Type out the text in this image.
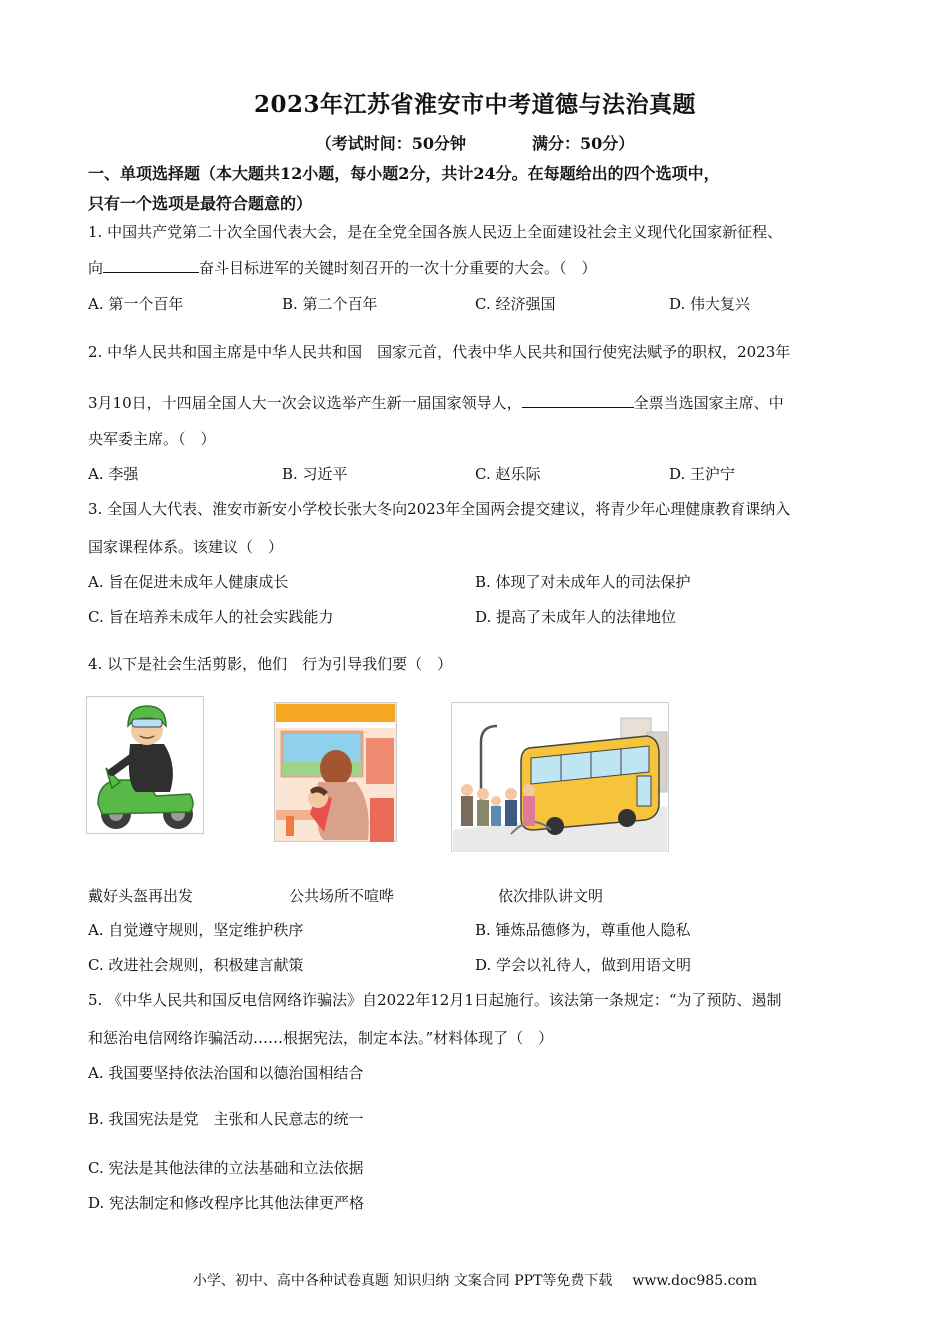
2023年江苏省淮安市中考道德与法治真题
（考试时间：50分钟	满分：50分）
一、单项选择题（本大题共12小题，每小题2分，共计24分。在每题给出的四个选项中，
只有一个选项是最符合题意的）
1. 中国共产党第二十次全国代表大会，是在全党全国各族人民迈上全面建设社会主义现代化国家新征程、
向	奋斗目标进军的关键时刻召开的一次十分重要的大会。（　）
A. 第一个百年	B. 第二个百年	C. 经济强国	D. 伟大复兴
2. 中华人民共和国主席是中华人民共和国　国家元首，代表中华人民共和国行使宪法赋予的职权，2023年
3月10日，十四届全国人大一次会议选举产生新一届国家领导人，	全票当选国家主席、中
央军委主席。（　）
A. 李强	B. 习近平	C. 赵乐际	D. 王沪宁
3. 全国人大代表、淮安市新安小学校长张大冬向2023年全国两会提交建议，将青少年心理健康教育课纳入
国家课程体系。该建议（　）
A. 旨在促进未成年人健康成长	B. 体现了对未成年人的司法保护
C. 旨在培养未成年人的社会实践能力	D. 提高了未成年人的法律地位
4. 以下是社会生活剪影，他们　行为引导我们要（　）
戴好头盔再出发	公共场所不喧哗	依次排队讲文明
A. 自觉遵守规则，坚定维护秩序	B. 锤炼品德修为，尊重他人隐私
C. 改进社会规则，积极建言献策	D. 学会以礼待人，做到用语文明
5. 《中华人民共和国反电信网络诈骗法》自2022年12月1日起施行。该法第一条规定：“为了预防、遏制
和惩治电信网络诈骗活动……根据宪法，制定本法。”材料体现了（　）
A. 我国要坚持依法治国和以德治国相结合
B. 我国宪法是党　主张和人民意志的统一
C. 宪法是其他法律的立法基础和立法依据
D. 宪法制定和修改程序比其他法律更严格
小学、初中、高中各种试卷真题 知识归纳 文案合同 PPT等免费下载 www.doc985.com
